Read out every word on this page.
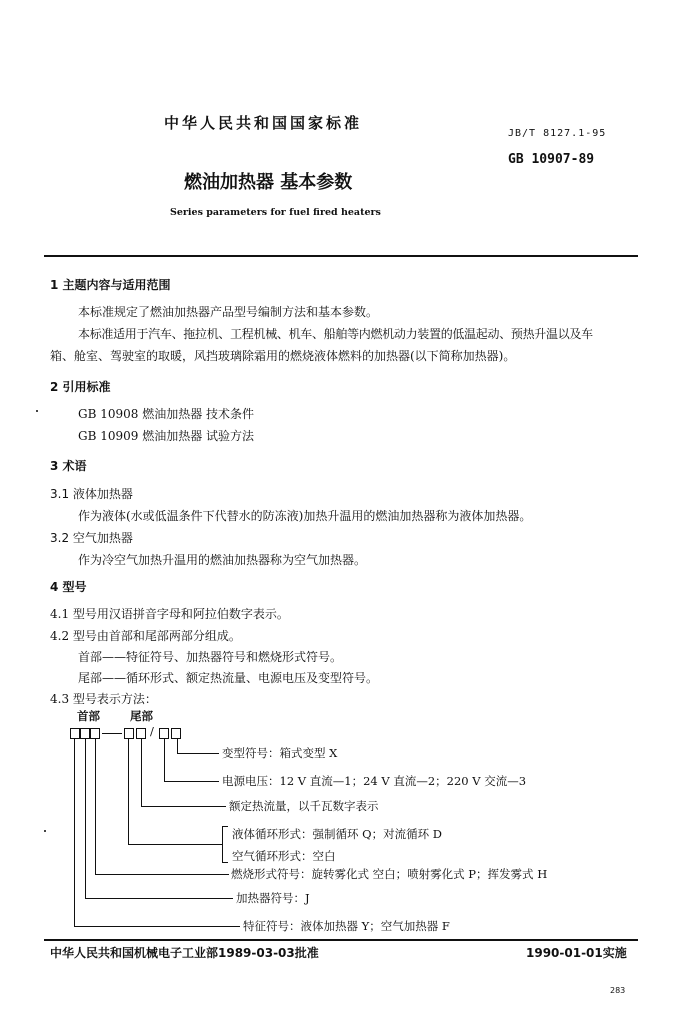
中华人民共和国国家标准
JB/T 8127.1-95
GB 10907-89
燃油加热器 基本参数
Series parameters for fuel fired heaters
1 主题内容与适用范围
本标准规定了燃油加热器产品型号编制方法和基本参数。
本标准适用于汽车、拖拉机、工程机械、机车、船舶等内燃机动力装置的低温起动、预热升温以及车
箱、舱室、驾驶室的取暖，风挡玻璃除霜用的燃烧液体燃料的加热器(以下简称加热器)。
2 引用标准
GB 10908 燃油加热器 技术条件
GB 10909 燃油加热器 试验方法
3 术语
3.1 液体加热器
作为液体(水或低温条件下代替水的防冻液)加热升温用的燃油加热器称为液体加热器。
3.2 空气加热器
作为冷空气加热升温用的燃油加热器称为空气加热器。
4 型号
4.1 型号用汉语拼音字母和阿拉伯数字表示。
4.2 型号由首部和尾部两部分组成。
首部——特征符号、加热器符号和燃烧形式符号。
尾部——循环形式、额定热流量、电源电压及变型符号。
4.3 型号表示方法：
首部	尾部
/
变型符号：箱式变型 X
电源电压：12 V 直流—1；24 V 直流—2；220 V 交流—3
额定热流量，以千瓦数字表示
液体循环形式：强制循环 Q；对流循环 D
空气循环形式：空白
燃烧形式符号：旋转雾化式 空白；喷射雾化式 P；挥发雾式 H
加热器符号：J
特征符号：液体加热器 Y；空气加热器 F
中华人民共和国机械电子工业部1989-03-03批准	1990-01-01实施
283
